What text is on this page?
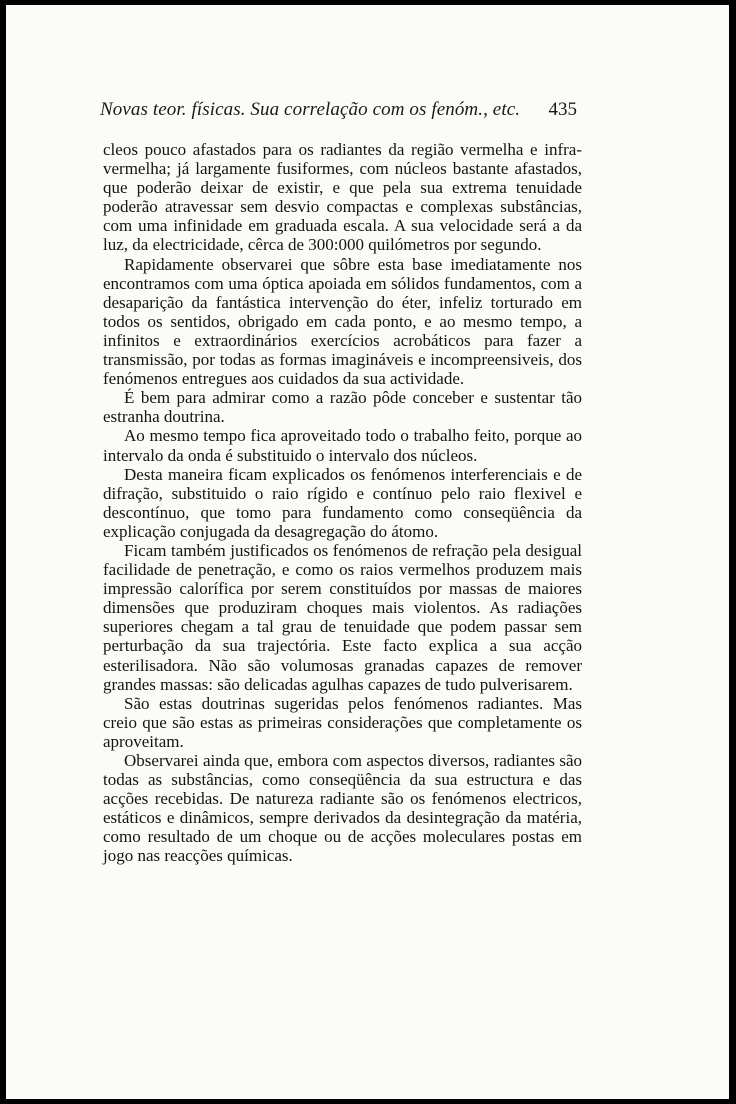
Novas teor. físicas. Sua correlação com os fenóm., etc. 435

cleos pouco afastados para os radiantes da região vermelha e infra-vermelha; já largamente fusiformes, com núcleos bastante afastados, que poderão deixar de existir, e que pela sua extrema tenuidade poderão atravessar sem desvio compactas e complexas substâncias, com uma infinidade em graduada escala. A sua velocidade será a da luz, da electricidade, cêrca de 300:000 quilómetros por segundo.

Rapidamente observarei que sôbre esta base imediatamente nos encontramos com uma óptica apoiada em sólidos fundamentos, com a desaparição da fantástica intervenção do éter, infeliz torturado em todos os sentidos, obrigado em cada ponto, e ao mesmo tempo, a infinitos e extraordinários exercícios acrobáticos para fazer a transmissão, por todas as formas imagináveis e incompreensiveis, dos fenómenos entregues aos cuidados da sua actividade.

É bem para admirar como a razão pôde conceber e sustentar tão estranha doutrina.

Ao mesmo tempo fica aproveitado todo o trabalho feito, porque ao intervalo da onda é substituido o intervalo dos núcleos.

Desta maneira ficam explicados os fenómenos interferenciais e de difração, substituido o raio rígido e contínuo pelo raio flexivel e descontínuo, que tomo para fundamento como conseqüência da explicação conjugada da desagregação do átomo.

Ficam também justificados os fenómenos de refração pela desigual facilidade de penetração, e como os raios vermelhos produzem mais impressão calorífica por serem constituídos por massas de maiores dimensões que produziram choques mais violentos. As radiações superiores chegam a tal grau de tenuidade que podem passar sem perturbação da sua trajectória. Este facto explica a sua acção esterilisadora. Não são volumosas granadas capazes de remover grandes massas: são delicadas agulhas capazes de tudo pulverisarem.

São estas doutrinas sugeridas pelos fenómenos radiantes. Mas creio que são estas as primeiras considerações que completamente os aproveitam.

Observarei ainda que, embora com aspectos diversos, radiantes são todas as substâncias, como conseqüência da sua estructura e das acções recebidas. De natureza radiante são os fenómenos electricos, estáticos e dinâmicos, sempre derivados da desintegração da matéria, como resultado de um choque ou de acções moleculares postas em jogo nas reacções químicas.
